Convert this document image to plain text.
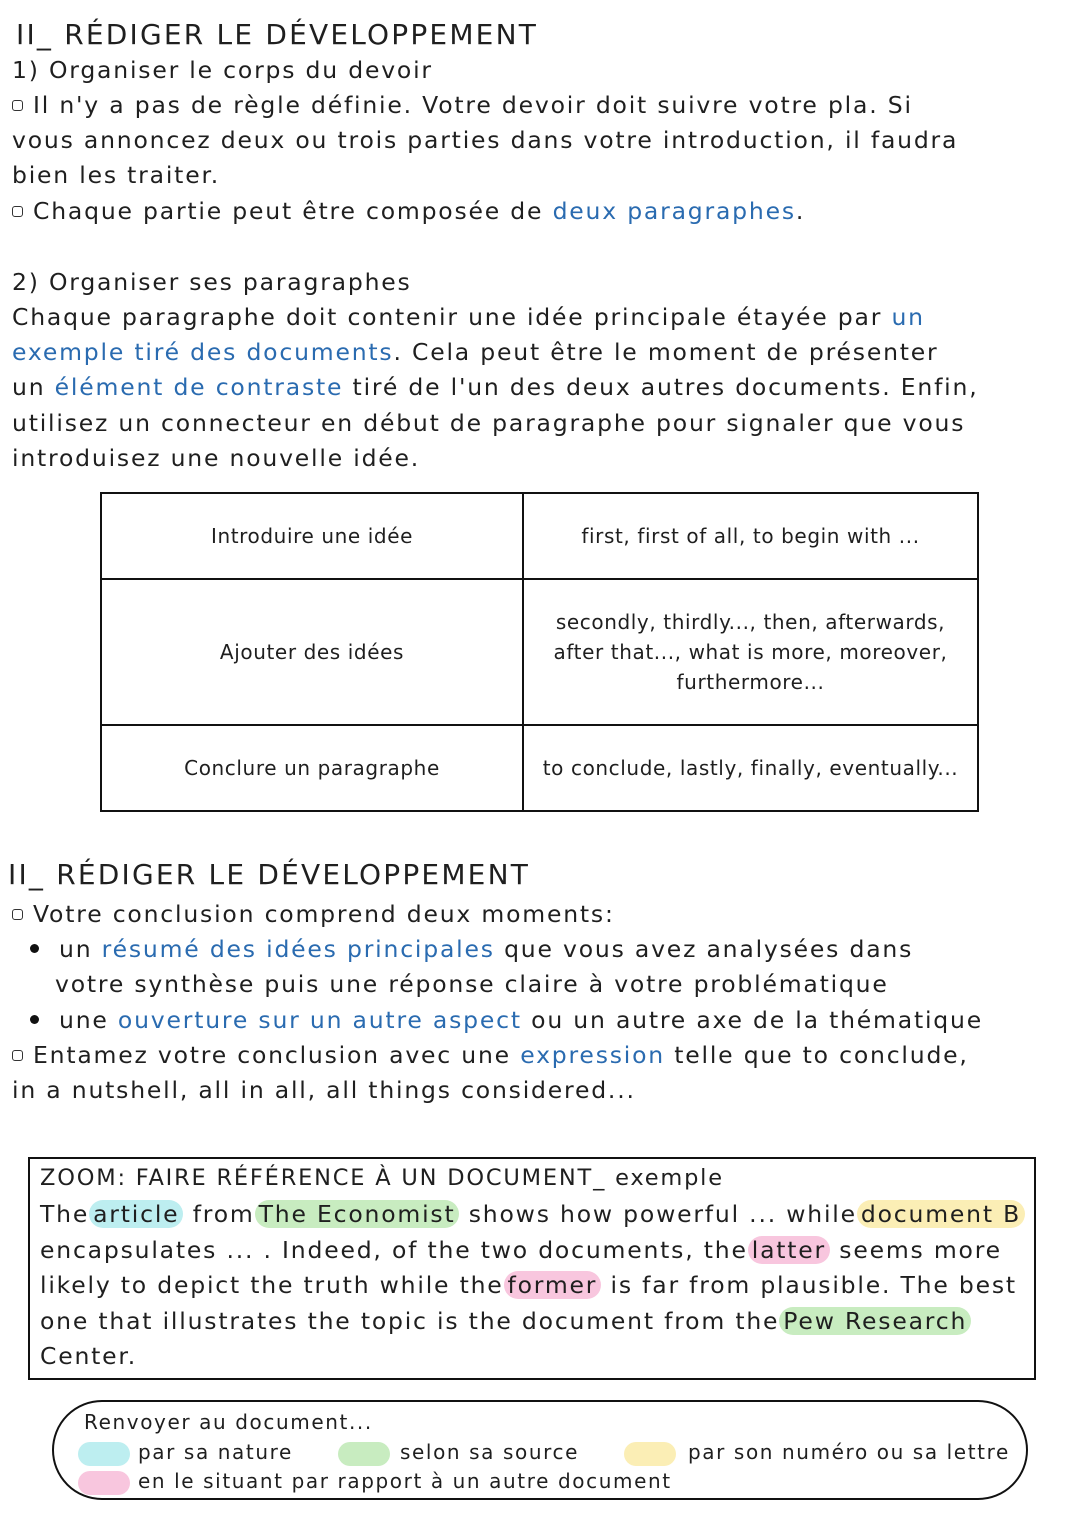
II_ RÉDIGER LE DÉVELOPPEMENT
1) Organiser le corps du devoir
Il n'y a pas de règle définie. Votre devoir doit suivre votre pla. Si
vous annoncez deux ou trois parties dans votre introduction, il faudra
bien les traiter.
Chaque partie peut être composée de deux paragraphes.
2) Organiser ses paragraphes
Chaque paragraphe doit contenir une idée principale étayée par un
exemple tiré des documents. Cela peut être le moment de présenter
un élément de contraste tiré de l'un des deux autres documents. Enfin,
utilisez un connecteur en début de paragraphe pour signaler que vous
introduisez une nouvelle idée.
Introduire une idée	first, first of all, to begin with ...

Ajouter des idées	secondly, thirdly..., then, afterwards,
after that..., what is more, moreover,
furthermore...

Conclure un paragraphe	to conclude, lastly, finally, eventually...
II_ RÉDIGER LE DÉVELOPPEMENT
Votre conclusion comprend deux moments:
un résumé des idées principales que vous avez analysées dans
votre synthèse puis une réponse claire à votre problématique
une ouverture sur un autre aspect ou un autre axe de la thématique
Entamez votre conclusion avec une expression telle que to conclude,
in a nutshell, all in all, all things considered...
ZOOM: FAIRE RÉFÉRENCE À UN DOCUMENT_ exemple
The article from The Economist shows how powerful ... while document B
encapsulates ... . Indeed, of the two documents, the latter seems more
likely to depict the truth while the former is far from plausible. The best
one that illustrates the topic is the document from the Pew Research
Center.
Renvoyer au document...
par sa nature	selon sa source	par son numéro ou sa lettre
en le situant par rapport à un autre document
